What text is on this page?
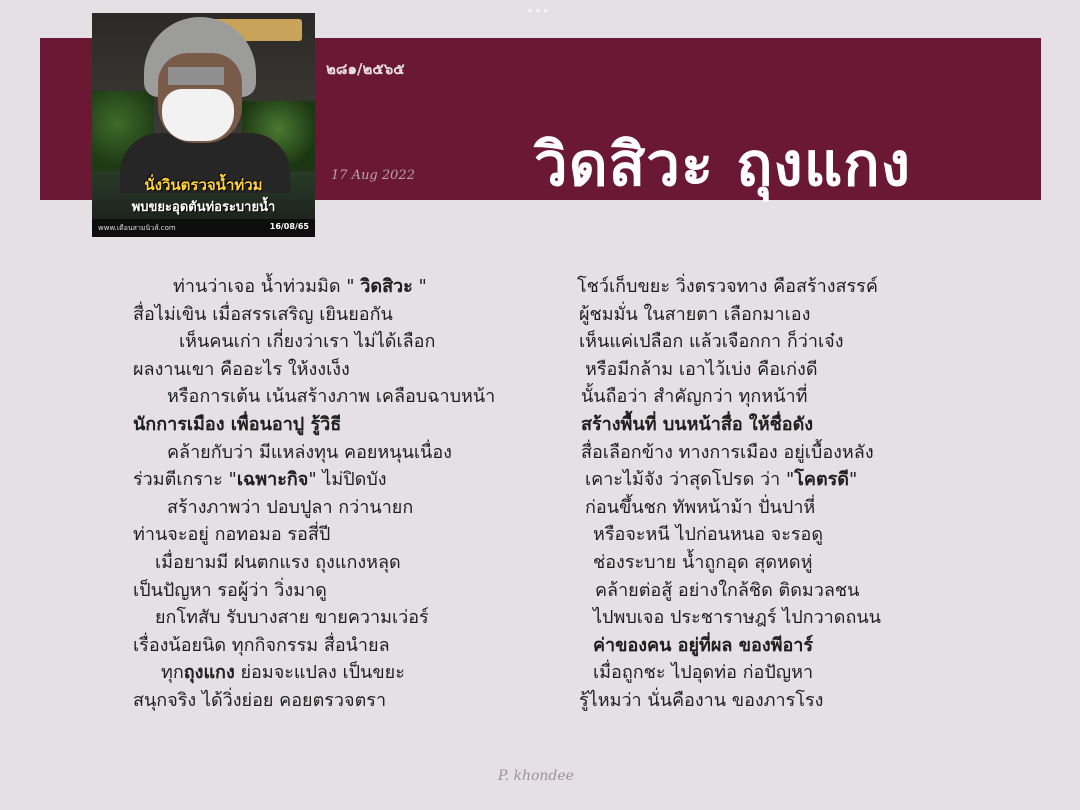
•••
วิดสิวะ ถุงแกง
นั่งวินตรวจน้ำท่วม
พบขยะอุดตันท่อระบายน้ำ
www.เดือนสามนิวส์.com	16/08/65
๒๘๑/๒๕๖๕
17 Aug 2022
ท่านว่าเจอ น้ำท่วมมิด " วิดสิวะ "
สื่อไม่เขิน เมื่อสรรเสริญ เยินยอกัน
เห็นคนเก่า เกี่ยงว่าเรา ไม่ได้เลือก
ผลงานเขา คืออะไร ให้งงเง็ง
หรือการเต้น เน้นสร้างภาพ เคลือบฉาบหน้า
นักการเมือง เพื่อนอาปู รู้วิธี
คล้ายกับว่า มีแหล่งทุน คอยหนุนเนื่อง
ร่วมตีเกราะ "เฉพาะกิจ" ไม่ปิดบัง
สร้างภาพว่า ปอบปูลา กว่านายก
ท่านจะอยู่ กอทอมอ รอสี่ปี
เมื่อยามมี ฝนตกแรง ถุงแกงหลุด
เป็นปัญหา รอผู้ว่า วิ่งมาดู
ยกโทสับ รับบางสาย ขายความเว่อร์
เรื่องน้อยนิด ทุกกิจกรรม สื่อนำยล
ทุกถุงแกง ย่อมจะแปลง เป็นขยะ
สนุกจริง ได้วิ่งย่อย คอยตรวจตรา
โชว์เก็บขยะ วิ่งตรวจทาง คือสร้างสรรค์
ผู้ชมมั่น ในสายตา เลือกมาเอง
เห็นแค่เปลือก แล้วเจือกกา ก็ว่าเจ๋ง
หรือมีกล้าม เอาไว้เบ่ง คือเก่งดี
นั้นถือว่า สำคัญกว่า ทุกหน้าที่
สร้างพื้นที่ บนหน้าสื่อ ให้ชื่อดัง
สื่อเลือกข้าง ทางการเมือง อยู่เบื้องหลัง
เคาะไม้จัง ว่าสุดโปรด ว่า "โคตรดี"
ก่อนขึ้นชก ทัพหน้าม้า ปั่นปาหี่
หรือจะหนี ไปก่อนหนอ จะรอดู
ช่องระบาย น้ำถูกอุด สุดหดหู่
คล้ายต่อสู้ อย่างใกล้ชิด ติดมวลชน
ไปพบเจอ ประชาราษฎร์ ไปกวาดถนน
ค่าของคน อยู่ที่ผล ของพีอาร์
เมื่อถูกชะ ไปอุดท่อ ก่อปัญหา
รู้ไหมว่า นั่นคืองาน ของภารโรง
P. khondee
